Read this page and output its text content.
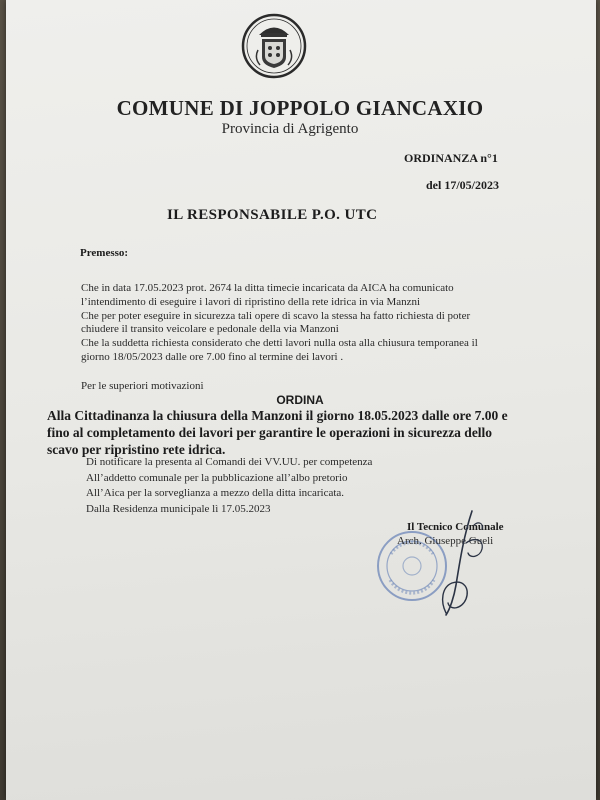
COMUNE DI JOPPOLO GIANCAXIO
Provincia di Agrigento
ORDINANZA n°1
del 17/05/2023
IL RESPONSABILE P.O. UTC
Premesso:
Che in data 17.05.2023 prot. 2674 la ditta timecie incaricata da AICA ha comunicato
l’intendimento di eseguire i lavori di ripristino della rete idrica in via Manzni
Che per poter eseguire in sicurezza tali opere di scavo la stessa ha fatto richiesta di poter
chiudere il transito veicolare e pedonale della via Manzoni
Che la suddetta richiesta considerato che detti lavori nulla osta alla chiusura temporanea il
giorno 18/05/2023 dalle ore 7.00 fino al termine dei lavori .
Per le superiori motivazioni
ORDINA
Alla Cittadinanza la chiusura della Manzoni il giorno 18.05.2023 dalle ore 7.00 e
fino al completamento dei lavori per garantire le operazioni in sicurezza dello
scavo per ripristino rete idrica.
Di notificare la presenta al Comandi dei VV.UU. per competenza
All’addetto comunale per la pubblicazione all’albo pretorio
All’Aica per la sorveglianza a mezzo della ditta incaricata.
Dalla Residenza municipale lì 17.05.2023
Il Tecnico Comunale
Arch. Giuseppe Gueli
